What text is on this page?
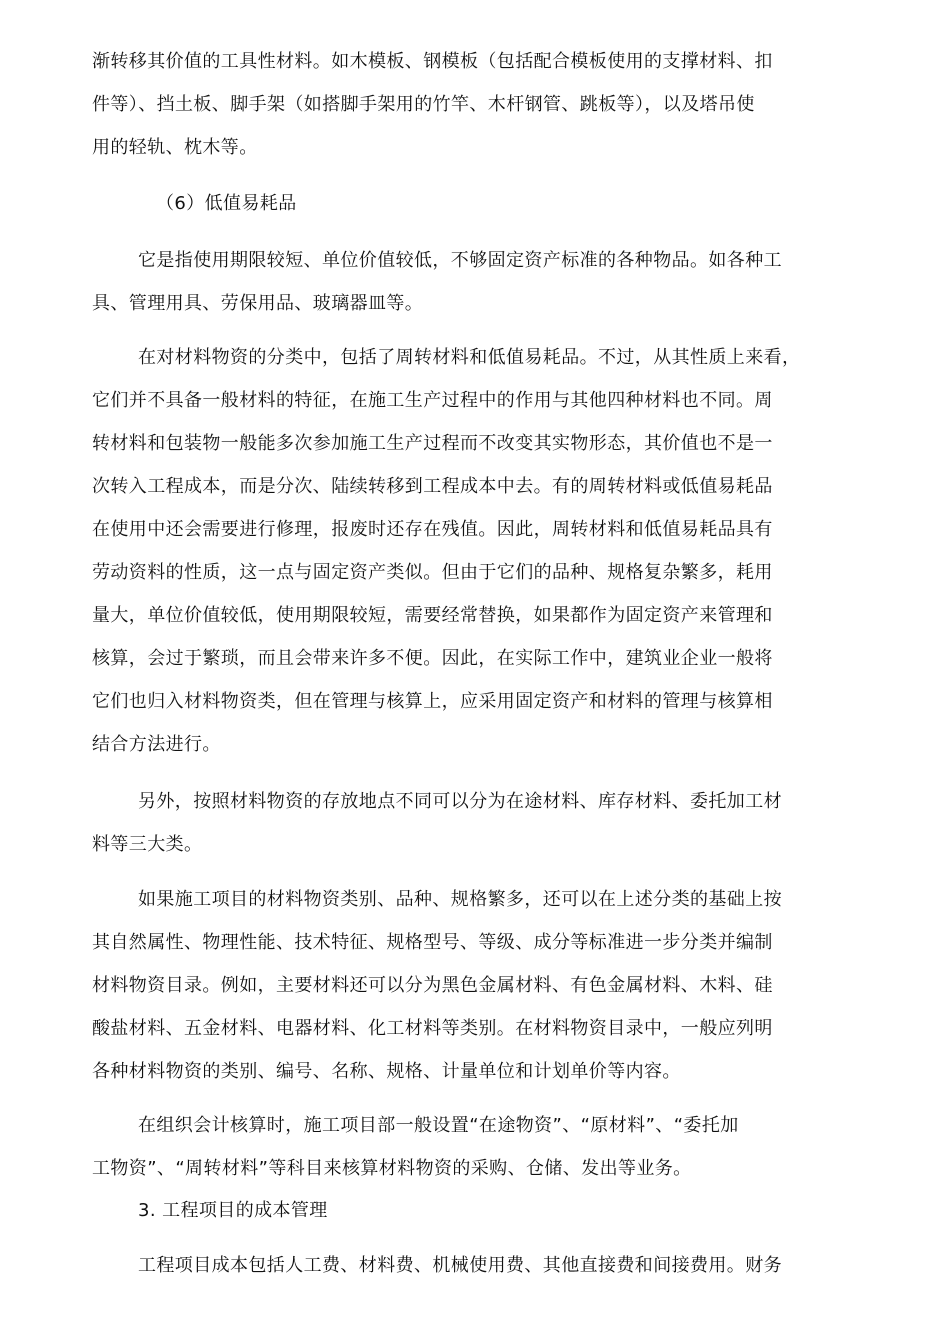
渐转移其价值的工具性材料。如木模板、钢模板（包括配合模板使用的支撑材料、扣
件等）、挡土板、脚手架（如搭脚手架用的竹竿、木杆钢管、跳板等），以及塔吊使
用的轻轨、枕木等。
（6）低值易耗品
它是指使用期限较短、单位价值较低，不够固定资产标准的各种物品。如各种工
具、管理用具、劳保用品、玻璃器皿等。
在对材料物资的分类中，包括了周转材料和低值易耗品。不过，从其性质上来看，
它们并不具备一般材料的特征，在施工生产过程中的作用与其他四种材料也不同。周
转材料和包装物一般能多次参加施工生产过程而不改变其实物形态，其价值也不是一
次转入工程成本，而是分次、陆续转移到工程成本中去。有的周转材料或低值易耗品
在使用中还会需要进行修理，报废时还存在残值。因此，周转材料和低值易耗品具有
劳动资料的性质，这一点与固定资产类似。但由于它们的品种、规格复杂繁多，耗用
量大，单位价值较低，使用期限较短，需要经常替换，如果都作为固定资产来管理和
核算，会过于繁琐，而且会带来许多不便。因此，在实际工作中，建筑业企业一般将
它们也归入材料物资类，但在管理与核算上，应采用固定资产和材料的管理与核算相
结合方法进行。
另外，按照材料物资的存放地点不同可以分为在途材料、库存材料、委托加工材
料等三大类。
如果施工项目的材料物资类别、品种、规格繁多，还可以在上述分类的基础上按
其自然属性、物理性能、技术特征、规格型号、等级、成分等标准进一步分类并编制
材料物资目录。例如，主要材料还可以分为黑色金属材料、有色金属材料、木料、硅
酸盐材料、五金材料、电器材料、化工材料等类别。在材料物资目录中，一般应列明
各种材料物资的类别、编号、名称、规格、计量单位和计划单价等内容。
在组织会计核算时，施工项目部一般设置“在途物资”、“原材料”、“委托加
工物资”、“周转材料”等科目来核算材料物资的采购、仓储、发出等业务。
3. 工程项目的成本管理
工程项目成本包括人工费、材料费、机械使用费、其他直接费和间接费用。财务
